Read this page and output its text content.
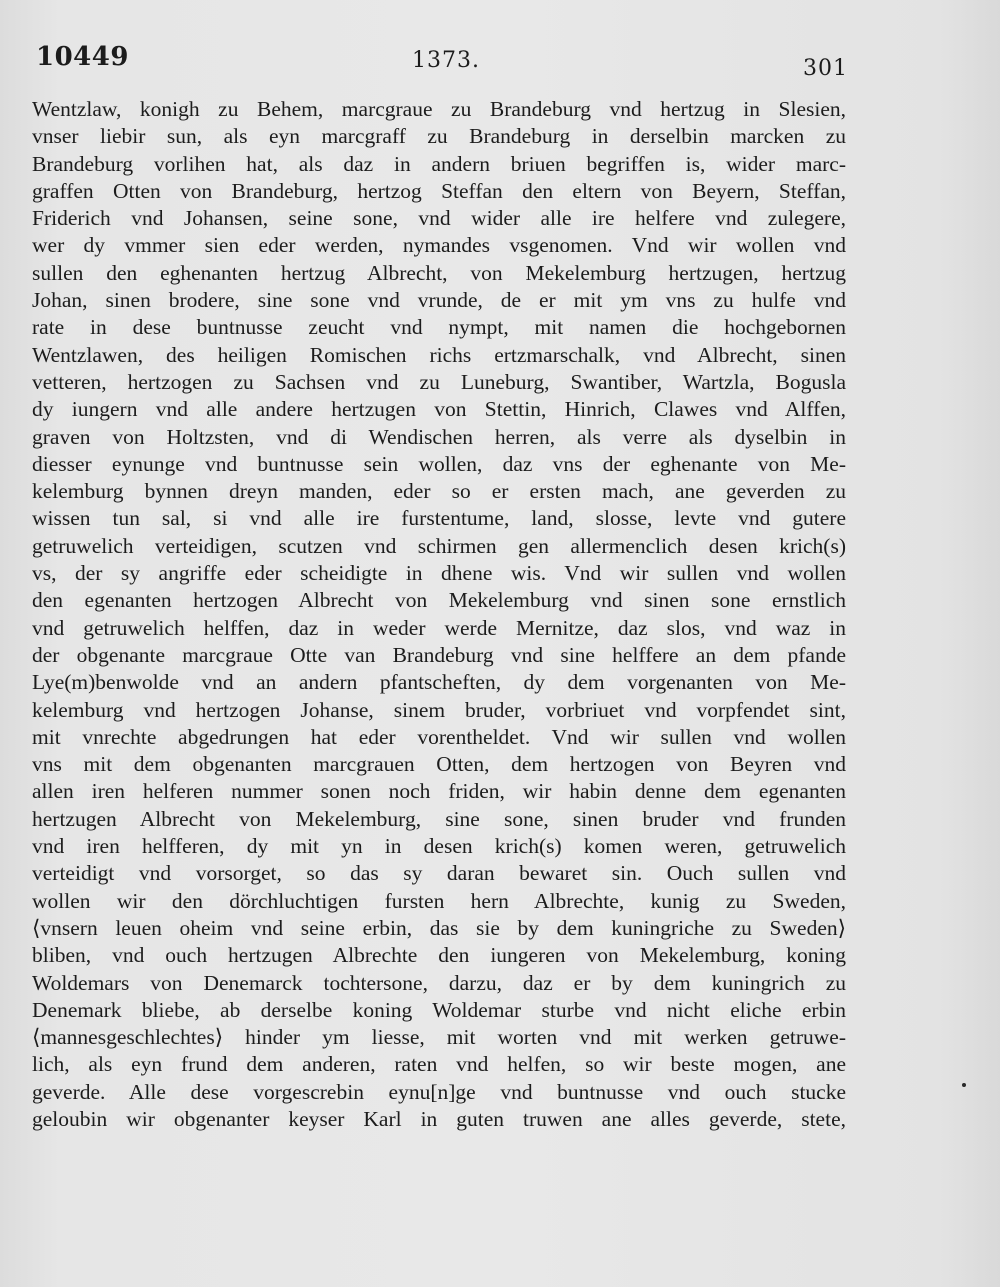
10449	1373.	301
Wentzlaw, konigh zu Behem, marcgraue zu Brandeburg vnd hertzug in Slesien,
vnser liebir sun, als eyn marcgraff zu Brandeburg in derselbin marcken zu
Brandeburg vorlihen hat, als daz in andern briuen begriffen is, wider marc-
graffen Otten von Brandeburg, hertzog Steffan den eltern von Beyern, Steffan,
Friderich vnd Johansen, seine sone, vnd wider alle ire helfere vnd zulegere,
wer dy vmmer sien eder werden, nymandes vsgenomen. Vnd wir wollen vnd
sullen den eghenanten hertzug Albrecht, von Mekelemburg hertzugen, hertzug
Johan, sinen brodere, sine sone vnd vrunde, de er mit ym vns zu hulfe vnd
rate in dese buntnusse zeucht vnd nympt, mit namen die hochgebornen
Wentzlawen, des heiligen Romischen richs ertzmarschalk, vnd Albrecht, sinen
vetteren, hertzogen zu Sachsen vnd zu Luneburg, Swantiber, Wartzla, Bogusla
dy iungern vnd alle andere hertzugen von Stettin, Hinrich, Clawes vnd Alffen,
graven von Holtzsten, vnd di Wendischen herren, als verre als dyselbin in
diesser eynunge vnd buntnusse sein wollen, daz vns der eghenante von Me-
kelemburg bynnen dreyn manden, eder so er ersten mach, ane geverden zu
wissen tun sal, si vnd alle ire furstentume, land, slosse, levte vnd gutere
getruwelich verteidigen, scutzen vnd schirmen gen allermenclich desen krich(s)
vs, der sy angriffe eder scheidigte in dhene wis. Vnd wir sullen vnd wollen
den egenanten hertzogen Albrecht von Mekelemburg vnd sinen sone ernstlich
vnd getruwelich helffen, daz in weder werde Mernitze, daz slos, vnd waz in
der obgenante marcgraue Otte van Brandeburg vnd sine helffere an dem pfande
Lye(m)benwolde vnd an andern pfantscheften, dy dem vorgenanten von Me-
kelemburg vnd hertzogen Johanse, sinem bruder, vorbriuet vnd vorpfendet sint,
mit vnrechte abgedrungen hat eder vorentheldet. Vnd wir sullen vnd wollen
vns mit dem obgenanten marcgrauen Otten, dem hertzogen von Beyren vnd
allen iren helferen nummer sonen noch friden, wir habin denne dem egenanten
hertzugen Albrecht von Mekelemburg, sine sone, sinen bruder vnd frunden
vnd iren helfferen, dy mit yn in desen krich(s) komen weren, getruwelich
verteidigt vnd vorsorget, so das sy daran bewaret sin. Ouch sullen vnd
wollen wir den dörchluchtigen fursten hern Albrechte, kunig zu Sweden,
⟨vnsern leuen oheim vnd seine erbin, das sie by dem kuningriche zu Sweden⟩
bliben, vnd ouch hertzugen Albrechte den iungeren von Mekelemburg, koning
Woldemars von Denemarck tochtersone, darzu, daz er by dem kuningrich zu
Denemark bliebe, ab derselbe koning Woldemar sturbe vnd nicht eliche erbin
⟨mannesgeschlechtes⟩ hinder ym liesse, mit worten vnd mit werken getruwe-
lich, als eyn frund dem anderen, raten vnd helfen, so wir beste mogen, ane
geverde. Alle dese vorgescrebin eynu[n]ge vnd buntnusse vnd ouch stucke
geloubin wir obgenanter keyser Karl in guten truwen ane alles geverde, stete,
